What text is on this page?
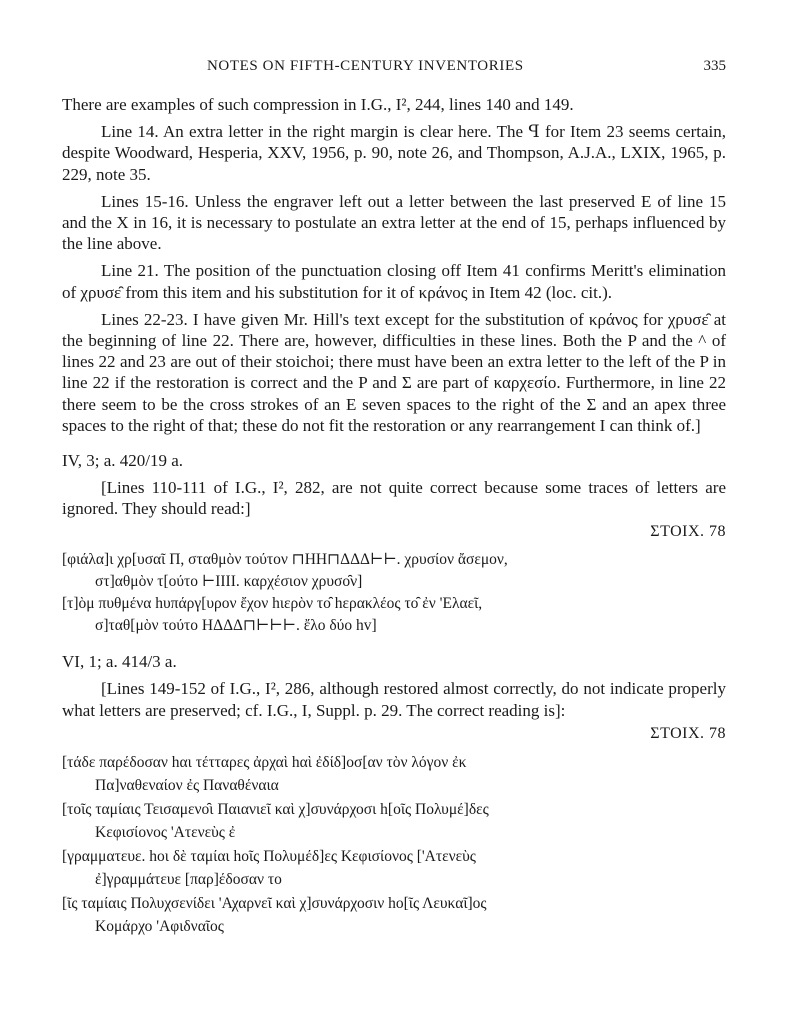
NOTES ON FIFTH-CENTURY INVENTORIES	335

There are examples of such compression in I.G., I², 244, lines 140 and 149.

Line 14. An extra letter in the right margin is clear here. The ꟼ for Item 23 seems certain, despite Woodward, Hesperia, XXV, 1956, p. 90, note 26, and Thompson, A.J.A., LXIX, 1965, p. 229, note 35.

Lines 15-16. Unless the engraver left out a letter between the last preserved E of line 15 and the X in 16, it is necessary to postulate an extra letter at the end of 15, perhaps influenced by the line above.

Line 21. The position of the punctuation closing off Item 41 confirms Meritt's elimination of χρυσε̑ from this item and his substitution for it of κράνος in Item 42 (loc. cit.).

Lines 22-23. I have given Mr. Hill's text except for the substitution of κράνος for χρυσε̑ at the beginning of line 22. There are, however, difficulties in these lines. Both the P and the ^ of lines 22 and 23 are out of their stoichoi; there must have been an extra letter to the left of the P in line 22 if the restoration is correct and the P and Σ are part of καρχεσίο. Furthermore, in line 22 there seem to be the cross strokes of an E seven spaces to the right of the Σ and an apex three spaces to the right of that; these do not fit the restoration or any rearrangement I can think of.]

IV, 3; a. 420/19 a.

[Lines 110-111 of I.G., I², 282, are not quite correct because some traces of letters are ignored. They should read:]

ΣTOIX. 78
[φιάλα]ι χρ[υσαῖ Π, σταθμὸν τούτον ⊓ΗΗ⊓ΔΔΔ⊢⊢. χρυσίον ἄσεμον,
στ]αθμὸν τ[ούτο ⊢ΙΙΙΙ. καρχέσιον χρυσο̑ν]
[τ]ὸμ πυθμένα hυπάργ[υρον ἔχον hιερὸν το̑ hερακλέος το̑ ἐν 'Ελαεῖ,
σ]ταθ[μὸν τούτο ΗΔΔΔ⊓⊢⊢⊢. ἔλο δύο hv]
VI, 1; a. 414/3 a.

[Lines 149-152 of I.G., I², 286, although restored almost correctly, do not indicate properly what letters are preserved; cf. I.G., I, Suppl. p. 29. The correct reading is]:

ΣTOIX. 78
[τάδε παρέδοσαν hαι τέτταρες ἀρχαὶ hαὶ ἐδίδ]οσ[αν τὸν λόγον ἐκ
Πα]ναθεναίον ἐς Παναθέναια
[τοῖς ταμίαις Τεισαμενο̑ι Παιανιεῖ καὶ χ]συνάρχοσι h[οῖς Πολυμέ]δες
Κεφισίονος 'Ατενεὺς ἐ
[γραμματευε. hοι δὲ ταμίαι hοῖς Πολυμέδ]ες Κεφισίονος ['Ατενεὺς
ἐ]γραμμάτευε [παρ]έδοσαν το
[ῖς ταμίαις Πολυχσενίδει 'Αχαρνεῖ καὶ χ]συνάρχοσιν hο[ῖς Λευκαῖ]ος
Κομάρχο 'Αφιδναῖος
